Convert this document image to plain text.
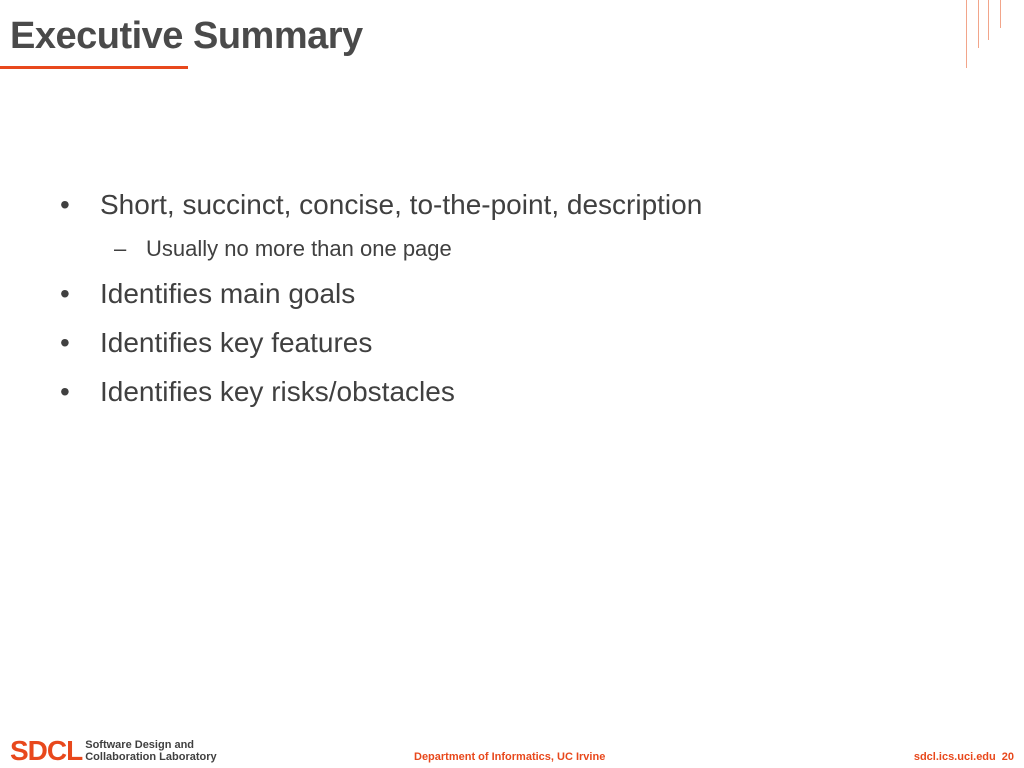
Executive Summary
• Short, succinct, concise, to-the-point, description
– Usually no more than one page
• Identifies main goals
• Identifies key features
• Identifies key risks/obstacles
SDCL Software Design and
Collaboration Laboratory	Department of Informatics, UC Irvine	sdcl.ics.uci.edu 20
